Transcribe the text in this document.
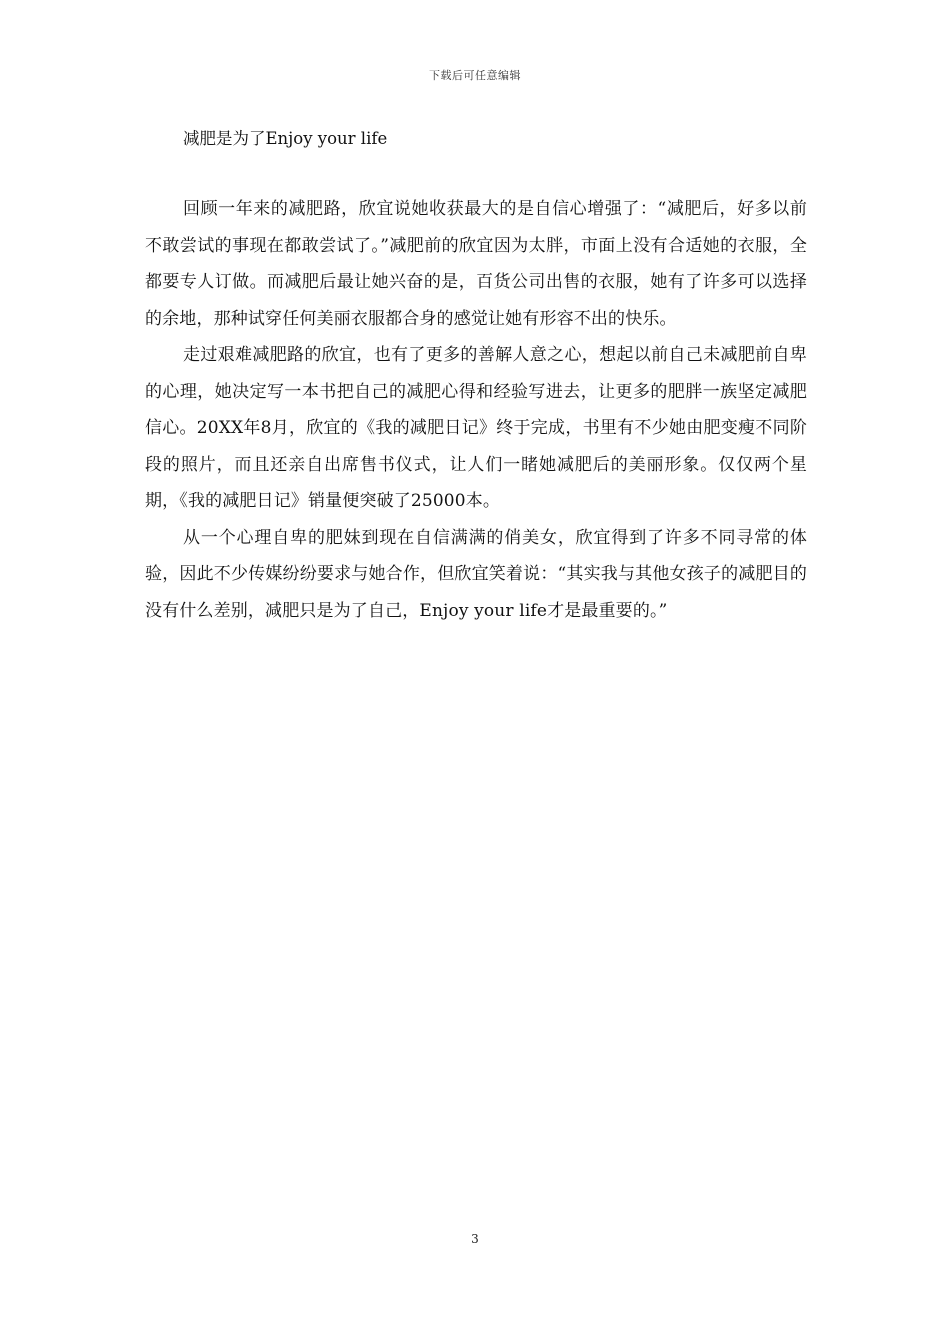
下载后可任意编辑

减肥是为了Enjoy your life

回顾一年来的减肥路，欣宜说她收获最大的是自信心增强了：“减肥后，好多以前不敢尝试的事现在都敢尝试了。”减肥前的欣宜因为太胖，市面上没有合适她的衣服，全都要专人订做。而减肥后最让她兴奋的是，百货公司出售的衣服，她有了许多可以选择的余地，那种试穿任何美丽衣服都合身的感觉让她有形容不出的快乐。

走过艰难减肥路的欣宜，也有了更多的善解人意之心，想起以前自己未减肥前自卑的心理，她决定写一本书把自己的减肥心得和经验写进去，让更多的肥胖一族坚定减肥信心。20XX年8月，欣宜的《我的减肥日记》终于完成，书里有不少她由肥变瘦不同阶段的照片，而且还亲自出席售书仪式，让人们一睹她减肥后的美丽形象。仅仅两个星期，《我的减肥日记》销量便突破了25000本。

从一个心理自卑的肥妹到现在自信满满的俏美女，欣宜得到了许多不同寻常的体验，因此不少传媒纷纷要求与她合作，但欣宜笑着说：“其实我与其他女孩子的减肥目的没有什么差别，减肥只是为了自己，Enjoy your life才是最重要的。”

3
